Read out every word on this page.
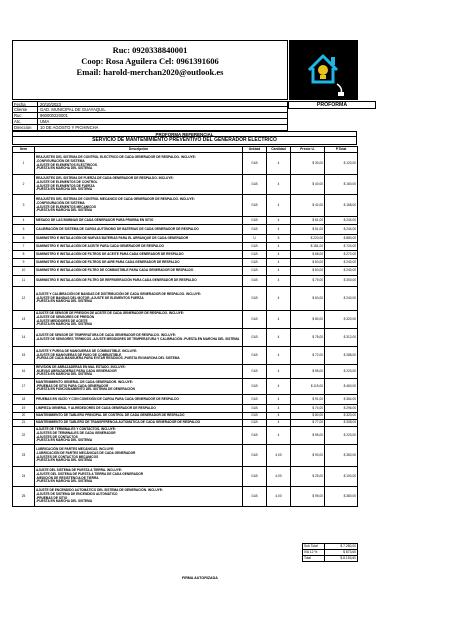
Ruc: 0920338840001
Coop: Rosa Aguilera Cel: 0961391606
Email: harold-merchan2020@outlook.es
Fecha	20/10/2023
Cliente	GAD. MUNICIPAL DE GUAYAQUIL
Ruc	960000220001
Atc.	UMA
Direccion	10 DE AGOSTO Y PICHINCHA
PROFORMA
PROFORMA REFERENCIAL
SERVICIO DE MANTENIMIENTO PREVENTIVO DEL GENERADOR ELECTRICO
Item	Descripción	Unidad	Cantidad	Precio U.	P.Total
1	REAJUSTES DEL SISTEMA DE CONTROL ELECTRICO DE CADA GENERADOR DE RESPALDO. INCLUYE:
-CONFIGURACIÓN DE SISTEMA
-AJUSTE DE ELEMENTOS ELÉCTRICOS
-PUESTA EN MARCHA DEL SISTEMA	GLB	4	$ 30,00	$ 120,00
2	REAJUSTES DEL SISTEMA DE FUERZA DE CADA GENERADOR DE RESPALDO. INCLUYE:
-AJUSTE DE ELEMENTOS DE CONTROL
-AJUSTE DE ELEMENTOS DE FUERZA
-PUESTA EN MARCHA DEL SISTEMA	GLB	4	$ 40,00	$ 160,00
3	REAJUSTES DEL SISTEMA DE CONTROL MECANICO DE CADA GENERADOR DE RESPALDO. INCLUYE:
-CONFIGURACIÓN DE SISTEMA
-AJUSTE DE ELEMENTOS MECANICOS
-PUESTA EN MARCHA DEL SISTEMA	GLB	4	$ 42,00	$ 168,00
4	MESADO DE LAS BOBINAS DE CADA GENERADOR PARA PRUEBA EN SITIO	GLB	4	$ 61,00	$ 244,00
5	CALIBRACIÓN DE SISTEMA DE CARGA AUTÓNOMO DE BATERIAS DE CADA GENERADOR DE RESPALDO	GLB	4	$ 61,00	$ 244,00
6	SUMINISTRO E INSTALACIÓN DE NUEVAS BATERIAS PARA EL ARRANQUE DE CADA GENERADOR	U	5	$ 220,00	$ 880,00
7	SUMINISTRO E INSTALACIÓN DE ACEITE PARA CADA GENERADOR DE RESPALDO	GLB	4	$ 181,00	$ 724,00
8	SUMINISTRO E INSTALACIÓN DE FILTROS DE ACEITE PARA CADA GENERADOR DE RESPALDO	GLB	4	$ 68,00	$ 272,00
9	SUMINISTRO E INSTALACIÓN DE FILTROS DE AIRE PARA CADA GENERADOR DE RESPALDO	GLB	4	$ 60,00	$ 240,00
10	SUMINISTRO E INSTALACIÓN DE FILTRO DE COMBUSTIBLE PARA CADA GENERADOR DE RESPALDO	GLB	4	$ 60,00	$ 240,00
11	SUMINISTRO E INSTALACIÓN DE FILTRO DE REFRIGERACIÓN PARA CADA GENERADOR DE RESPALDO	GLB	4	$ 75,00	$ 300,00
12	AJUSTE Y CALIBRACIÓN DE BANDAS DE DISTRIBUCIÓN DE CADA GENERADOR DE RESPALDO. INCLUYE:
-AJUSTE DE BANDAS DEL MOTOR -AJUSTE DE ELEMENTOS FUERZA
-PUESTA EN MARCHA DEL SISTEMA	GLB	4	$ 60,00	$ 240,00
13	AJUSTE DE SENSOR DE PRESIÓN DE ACEITE DE CADA GENERADOR DE RESPALDO. INCLUYE:
-AJUSTE DE SENSORES DE PRESIÓN
-AJUSTE MEDIDORES DE ACEITE
-PUESTA EN MARCHA DEL SISTEMA	GLB	4	$ 80,00	$ 320,00
14	AJUSTE DE SENSOR DE TEMPERATURA DE CADA GENERADOR DE RESPALDO. INCLUYE:
-AJUSTE DE SENSORES TERMICOS -AJUSTE MEDIDORES DE TEMPERATURA Y CALIBRACIÓN -PUESTA EN MARCHA DEL SISTEMA	GLB	4	$ 78,00	$ 312,00
15	AJUSTE Y PURGA DE MANGUERAS DE COMBUSTIBLE. INCLUYE:
-AJUSTE DE MANGUERAS DE PASO DE COMBUSTIBLE
-PURGA DE CADA MANGUERA PARA EVITAR RESIDUOS -PUESTA EN MARCHA DEL SISTEMA	GLB	4	$ 72,00	$ 288,00
16	REVISIÓN DE ABRAZADERAS EN MAL ESTADO. INCLUYE:
-NUEVAS ABRAZADERAS PARA CADA GENERADOR
-PUESTA EN MARCHA DEL SISTEMA	GLB	4	$ 55,00	$ 220,00
17	MANTENIMIENTO GENERAL DE CADA GENERADOR. INCLUYE:
-PRUEBAS DE SITIO PARA CADA GENERADOR
-PUESTA EN FUNCIONAMIENTO DEL SISTEMA DE GENERACIÓN	GLB	4	$ 115,00	$ 460,00
18	PRUEBAS EN VACÍO Y CON CONEXIÓN DE CARGA PARA CADA GENERADOR DE RESPALDO	GLB	4	$ 91,00	$ 364,00
19	LIMPIEZA GENERAL Y ALREDEDORES DE CADA GENERADOR DE RESPALDO	GLB	4	$ 74,00	$ 296,00
20	MANTENIMIENTO DE TABLERO PRINCIPAL DE CONTROL DE CADA GENERADOR DE RESPALDO	GLB	4	$ 80,00	$ 320,00
21	MANTENIMIENTO DE TABLERO DE TRANSFERENCIA AUTOMÁTICA DE CADA GENERADOR DE RESPALDO	GLB	4	$ 77,00	$ 308,00
22	AJUSTE DE TERMINALES Y CONTACTOS. INCLUYE:
-AJUSTES DE TERMINALES DE CADA GENERADOR
-AJUSTES DE CONTACTOS
-PUESTA EN MARCHA DEL SISTEMA	GLB	4	$ 55,00	$ 220,00
23	LUBRICACIÓN DE PARTES MECÁNICAS. INCLUYE:
-LUBRICACIÓN DE PARTES MECÁNICAS DE CADA GENERADOR
-AJUSTES DE CONTACTOS MECANICOS
-PUESTA EN MARCHA DEL SISTEMA	GLB	4,00	$ 90,00	$ 360,00
24	AJUSTE DEL SISTEMA DE PUESTA A TIERRA. INCLUYE:
-AJUSTE DEL SISTEMA DE PUESTA A TIERRA DE CADA GENERADOR
-MEDICIÓN DE RESISTENCIA DE TIERRA
-PUESTA EN MARCHA DEL SISTEMA	GLB	4,00	$ 25,00	$ 100,00
25	AJUSTE DE ENCENDIDO AUTOMÁTICO DEL SISTEMA DE GENERACIÓN. INCLUYE:
-AJUSTE DE SISTEMA DE ENCENDIDO AUTOMÁTICO
-PRUEBAS DE SITIO
-PUESTA EN MARCHA DEL SISTEMA	GLB	4,00	$ 95,00	$ 380,00
Sub Total	$ 7.280,00
IVA 12 %	$ 873,60
Total	$ 8.153,60
FIRMA AUTORIZADA
